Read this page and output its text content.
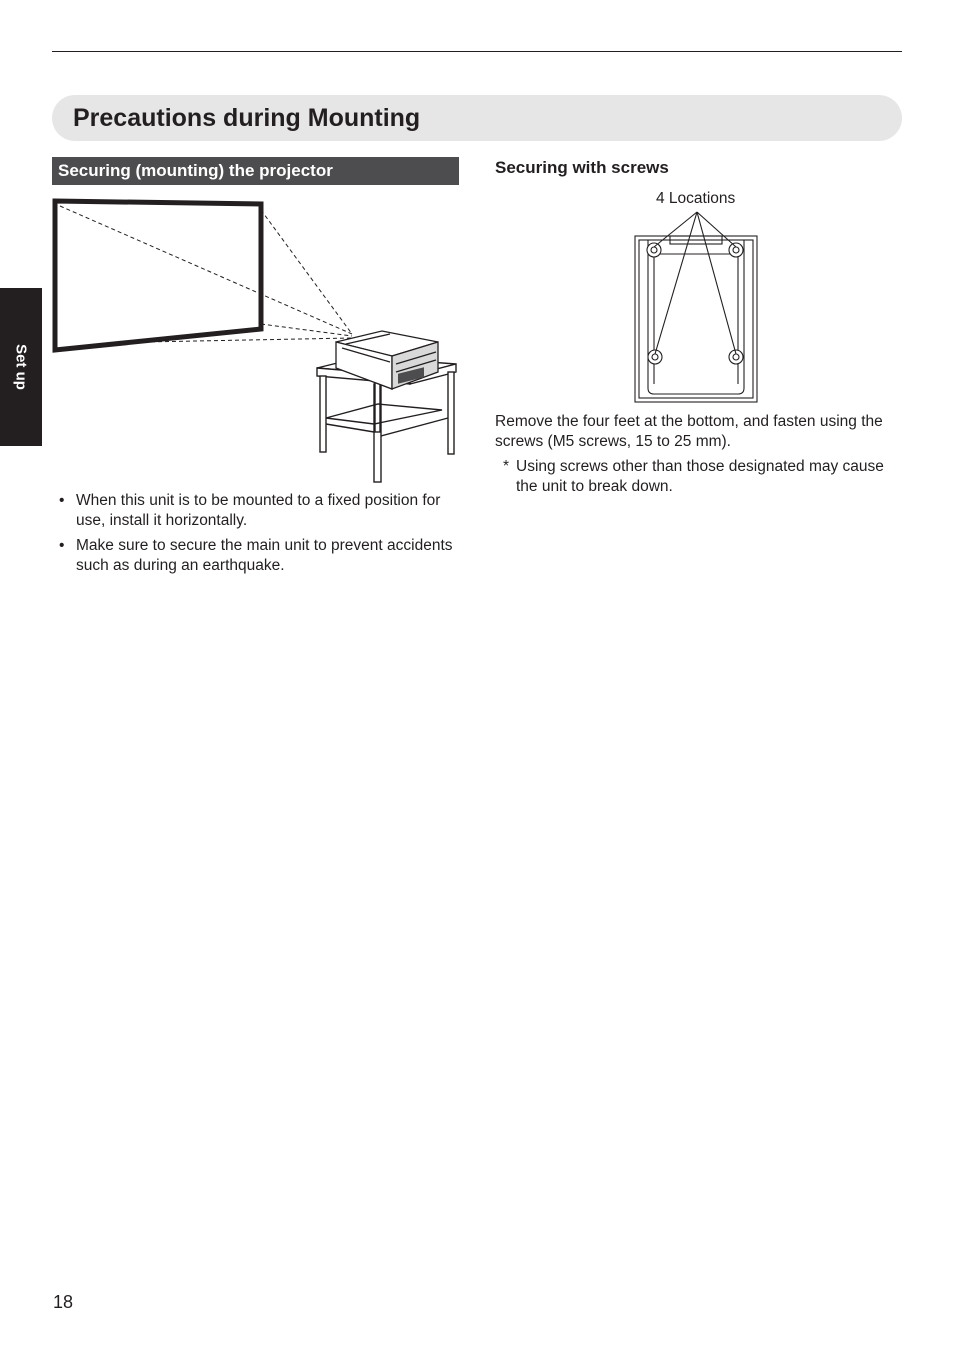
Precautions during Mounting
Set up
Securing (mounting) the projector
• When this unit is to be mounted to a fixed position for use, install it horizontally.
• Make sure to secure the main unit to prevent accidents such as during an earthquake.
Securing with screws
4 Locations

Remove the four feet at the bottom, and fasten using the screws (M5 screws, 15 to 25 mm).

* Using screws other than those designated may cause the unit to break down.
18
